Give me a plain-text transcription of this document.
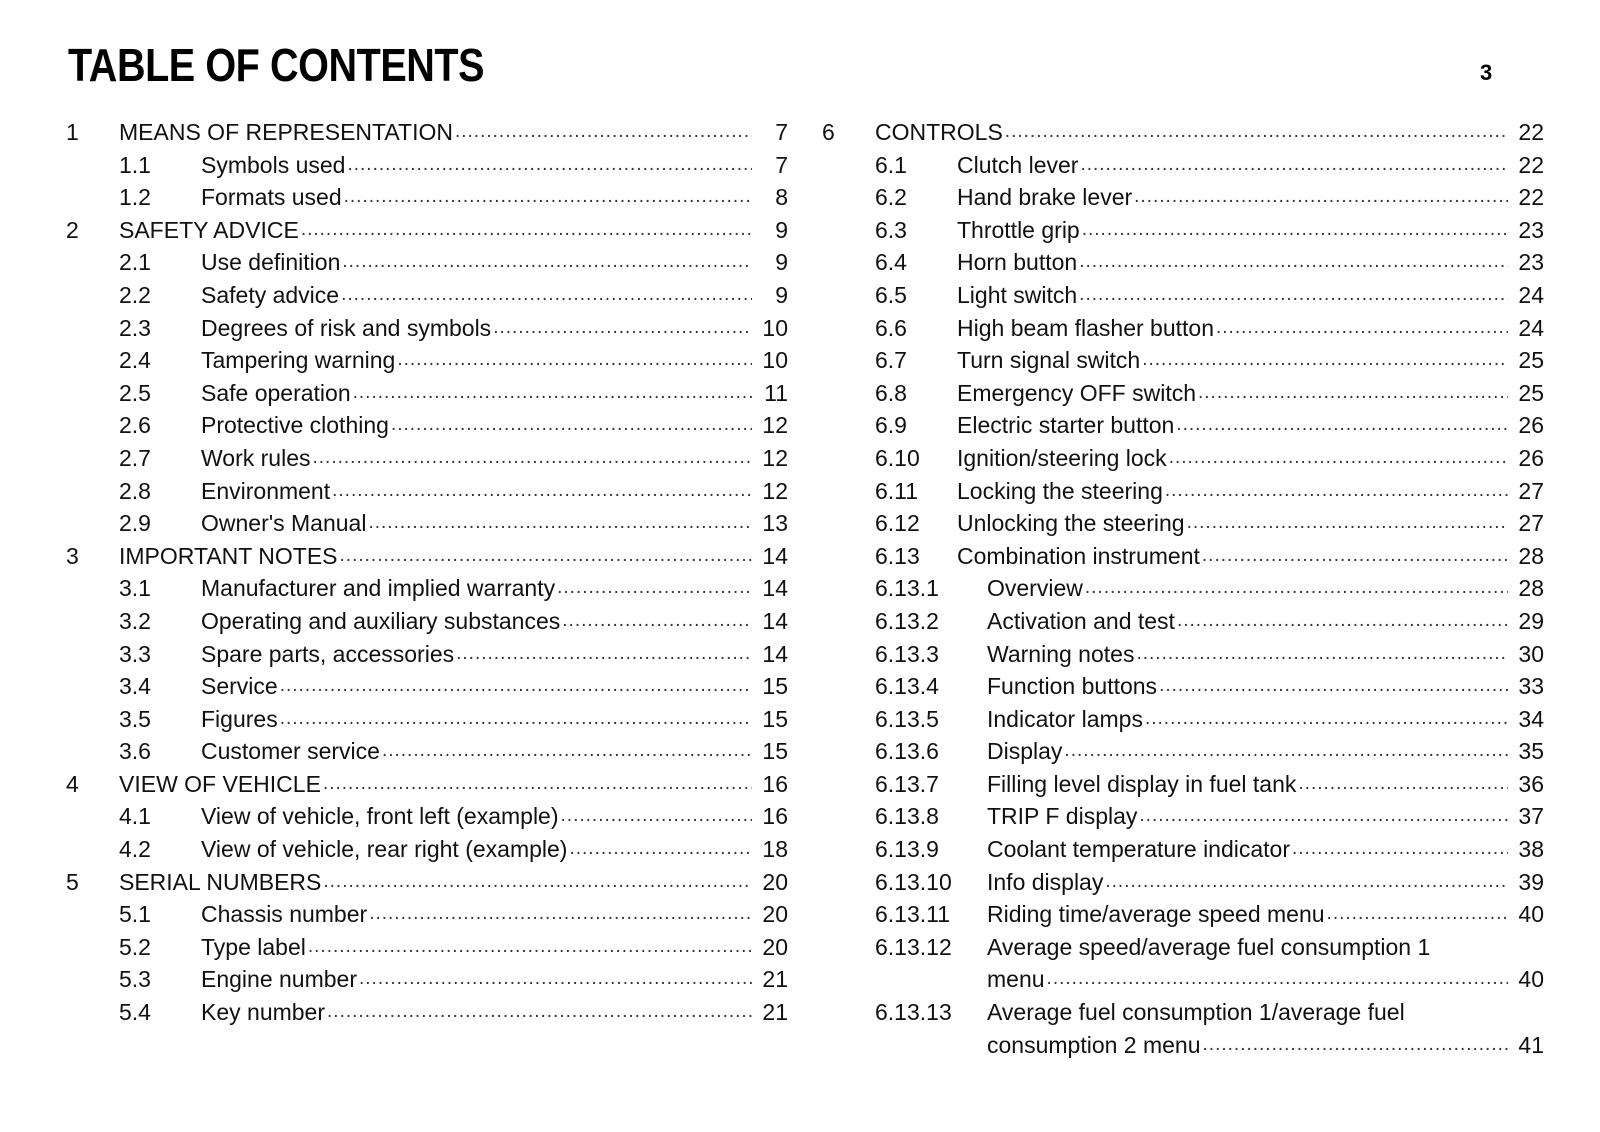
TABLE OF CONTENTS	3
1	MEANS OF REPRESENTATION .....	7
1.1	Symbols used .....	7
1.2	Formats used .....	8
2	SAFETY ADVICE .....	9
2.1	Use definition .....	9
2.2	Safety advice .....	9
2.3	Degrees of risk and symbols .....	10
2.4	Tampering warning .....	10
2.5	Safe operation .....	11
2.6	Protective clothing .....	12
2.7	Work rules .....	12
2.8	Environment .....	12
2.9	Owner's Manual .....	13
3	IMPORTANT NOTES .....	14
3.1	Manufacturer and implied warranty .....	14
3.2	Operating and auxiliary substances .....	14
3.3	Spare parts, accessories .....	14
3.4	Service .....	15
3.5	Figures .....	15
3.6	Customer service .....	15
4	VIEW OF VEHICLE .....	16
4.1	View of vehicle, front left (example) .....	16
4.2	View of vehicle, rear right (example) .....	18
5	SERIAL NUMBERS .....	20
5.1	Chassis number .....	20
5.2	Type label .....	20
5.3	Engine number .....	21
5.4	Key number .....	21
6	CONTROLS .....	22
6.1	Clutch lever .....	22
6.2	Hand brake lever .....	22
6.3	Throttle grip .....	23
6.4	Horn button .....	23
6.5	Light switch .....	24
6.6	High beam flasher button .....	24
6.7	Turn signal switch .....	25
6.8	Emergency OFF switch .....	25
6.9	Electric starter button .....	26
6.10	Ignition/steering lock .....	26
6.11	Locking the steering .....	27
6.12	Unlocking the steering .....	27
6.13	Combination instrument .....	28
6.13.1	Overview .....	28
6.13.2	Activation and test .....	29
6.13.3	Warning notes .....	30
6.13.4	Function buttons .....	33
6.13.5	Indicator lamps .....	34
6.13.6	Display .....	35
6.13.7	Filling level display in fuel tank .....	36
6.13.8	TRIP F display .....	37
6.13.9	Coolant temperature indicator .....	38
6.13.10	Info display .....	39
6.13.11	Riding time/average speed menu .....	40
6.13.12	Average speed/average fuel consumption 1
menu .....	40
6.13.13	Average fuel consumption 1/average fuel
consumption 2 menu .....	41
